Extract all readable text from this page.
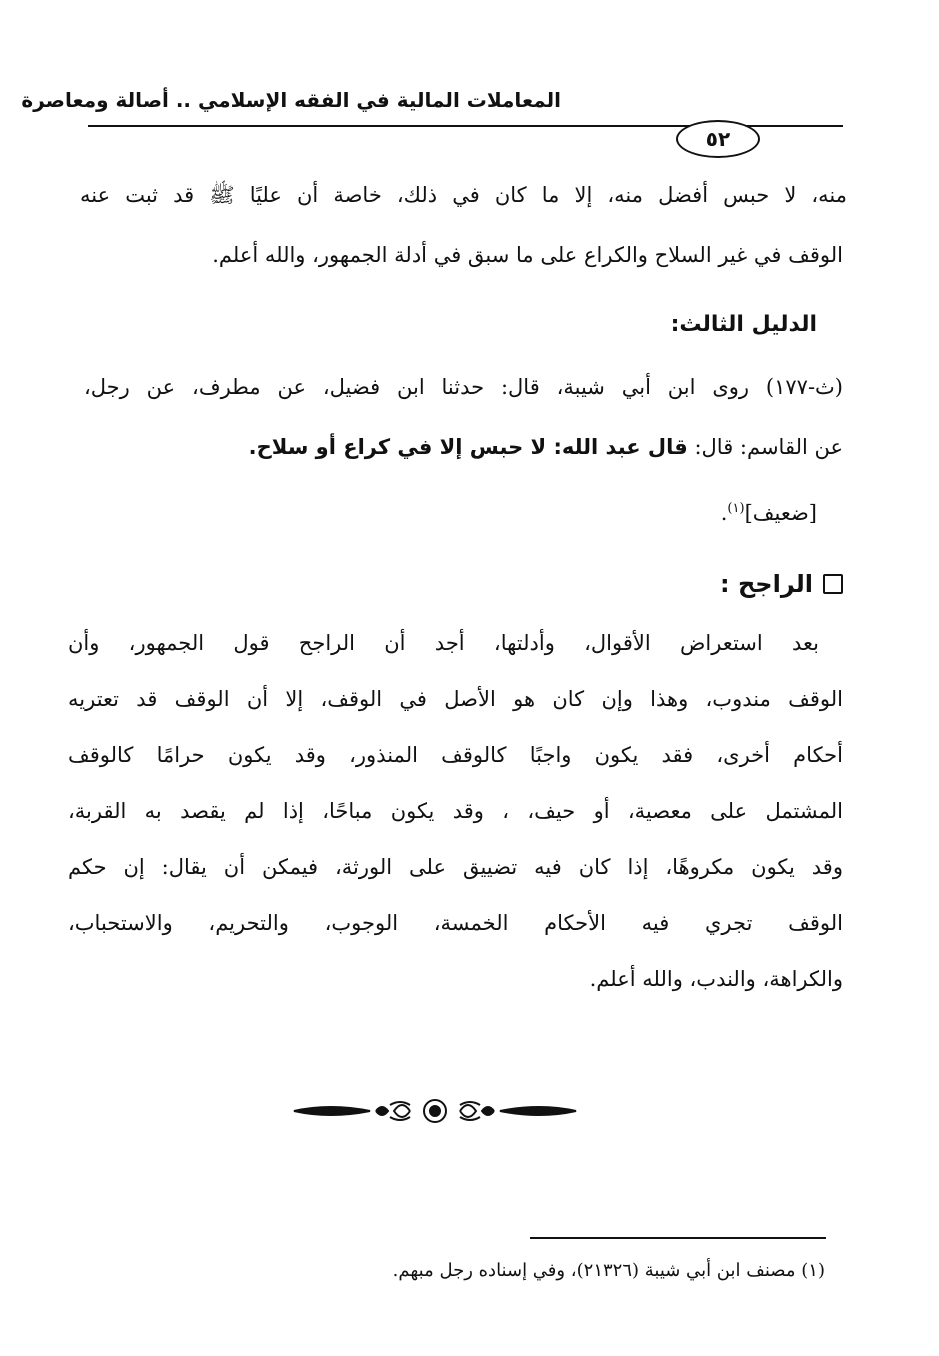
المعاملات المالية في الفقه الإسلامي .. أصالة ومعاصرة
٥٢
منه، لا حبس أفضل منه، إلا ما كان في ذلك، خاصة أن عليًا ﷺ قد ثبت عنه
الوقف في غير السلاح والكراع على ما سبق في أدلة الجمهور، والله أعلم.
الدليل الثالث:
(ث-١٧٧) روى ابن أبي شيبة، قال: حدثنا ابن فضيل، عن مطرف، عن رجل،
عن القاسم: قال: قال عبد الله: لا حبس إلا في كراع أو سلاح.
[ضعيف]$^{(١)}$.
الراجح :
بعد استعراض الأقوال، وأدلتها، أجد أن الراجح قول الجمهور، وأن
الوقف مندوب، وهذا وإن كان هو الأصل في الوقف، إلا أن الوقف قد تعتريه
أحكام أخرى، فقد يكون واجبًا كالوقف المنذور، وقد يكون حرامًا كالوقف
المشتمل على معصية، أو حيف، ، وقد يكون مباحًا، إذا لم يقصد به القربة،
وقد يكون مكروهًا، إذا كان فيه تضييق على الورثة، فيمكن أن يقال: إن حكم
الوقف تجري فيه الأحكام الخمسة، الوجوب، والتحريم، والاستحباب،
والكراهة، والندب، والله أعلم.
(١) مصنف ابن أبي شيبة (٢١٣٢٦)، وفي إسناده رجل مبهم.
